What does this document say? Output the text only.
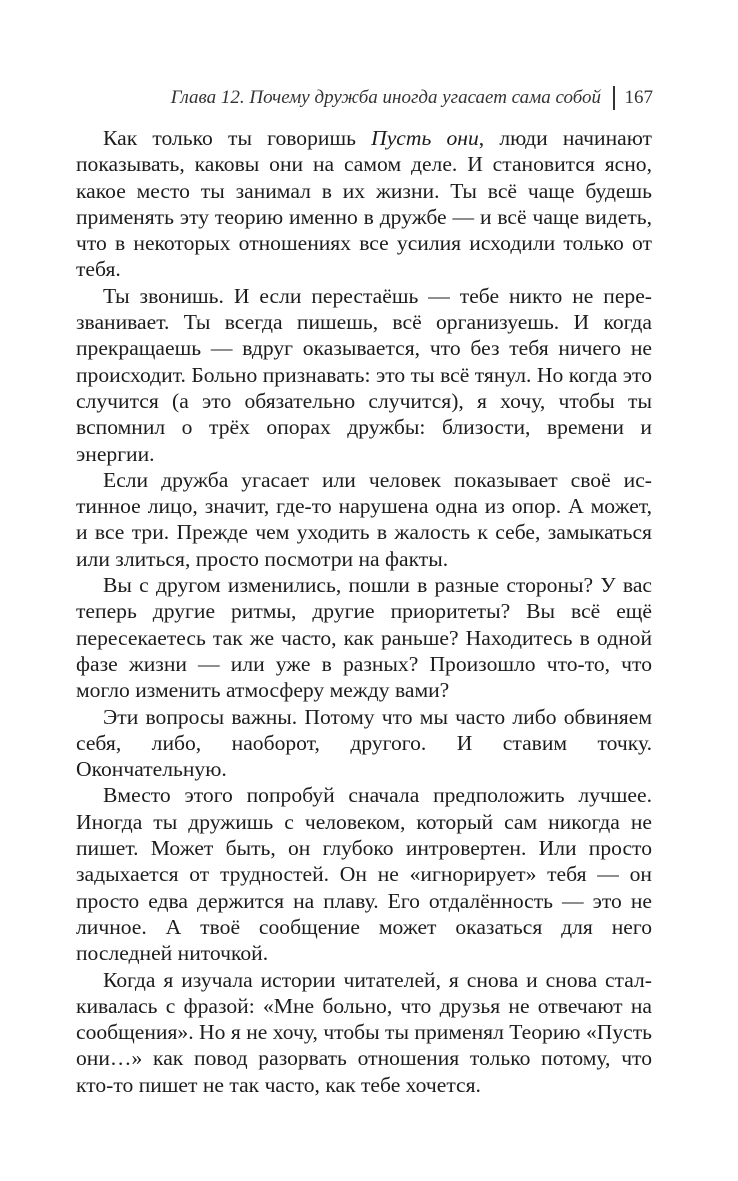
Глава 12. Почему дружба иногда угасает сама собой 167

Как только ты говоришь Пусть они, люди начинают показывать, каковы они на самом деле. И становится ясно, какое место ты занимал в их жизни. Ты всё чаще будешь применять эту теорию именно в дружбе — и всё чаще видеть, что в некоторых отношениях все усилия исходили только от тебя.

Ты звонишь. И если перестаёшь — тебе никто не перезванивает. Ты всегда пишешь, всё организуешь. И когда прекращаешь — вдруг оказывается, что без тебя ничего не происходит. Больно признавать: это ты всё тянул. Но когда это случится (а это обязательно случится), я хочу, чтобы ты вспомнил о трёх опорах дружбы: близости, времени и энергии.

Если дружба угасает или человек показывает своё истинное лицо, значит, где‑то нарушена одна из опор. А может, и все три. Прежде чем уходить в жалость к себе, замыкаться или злиться, просто посмотри на факты.

Вы с другом изменились, пошли в разные стороны? У вас теперь другие ритмы, другие приоритеты? Вы всё ещё пересекаетесь так же часто, как раньше? Находитесь в одной фазе жизни — или уже в разных? Произошло что‑то, что могло изменить атмосферу между вами?

Эти вопросы важны. Потому что мы часто либо обвиняем себя, либо, наоборот, другого. И ставим точку. Окончательную.

Вместо этого попробуй сначала предположить лучшее. Иногда ты дружишь с человеком, который сам никогда не пишет. Может быть, он глубоко интровертен. Или просто задыхается от трудностей. Он не «игнорирует» тебя — он просто едва держится на плаву. Его отдалённость — это не личное. А твоё сообщение может оказаться для него последней ниточкой.

Когда я изучала истории читателей, я снова и снова сталкивалась с фразой: «Мне больно, что друзья не отвечают на сообщения». Но я не хочу, чтобы ты применял Теорию «Пусть они…» как повод разорвать отношения только потому, что кто‑то пишет не так часто, как тебе хочется.
